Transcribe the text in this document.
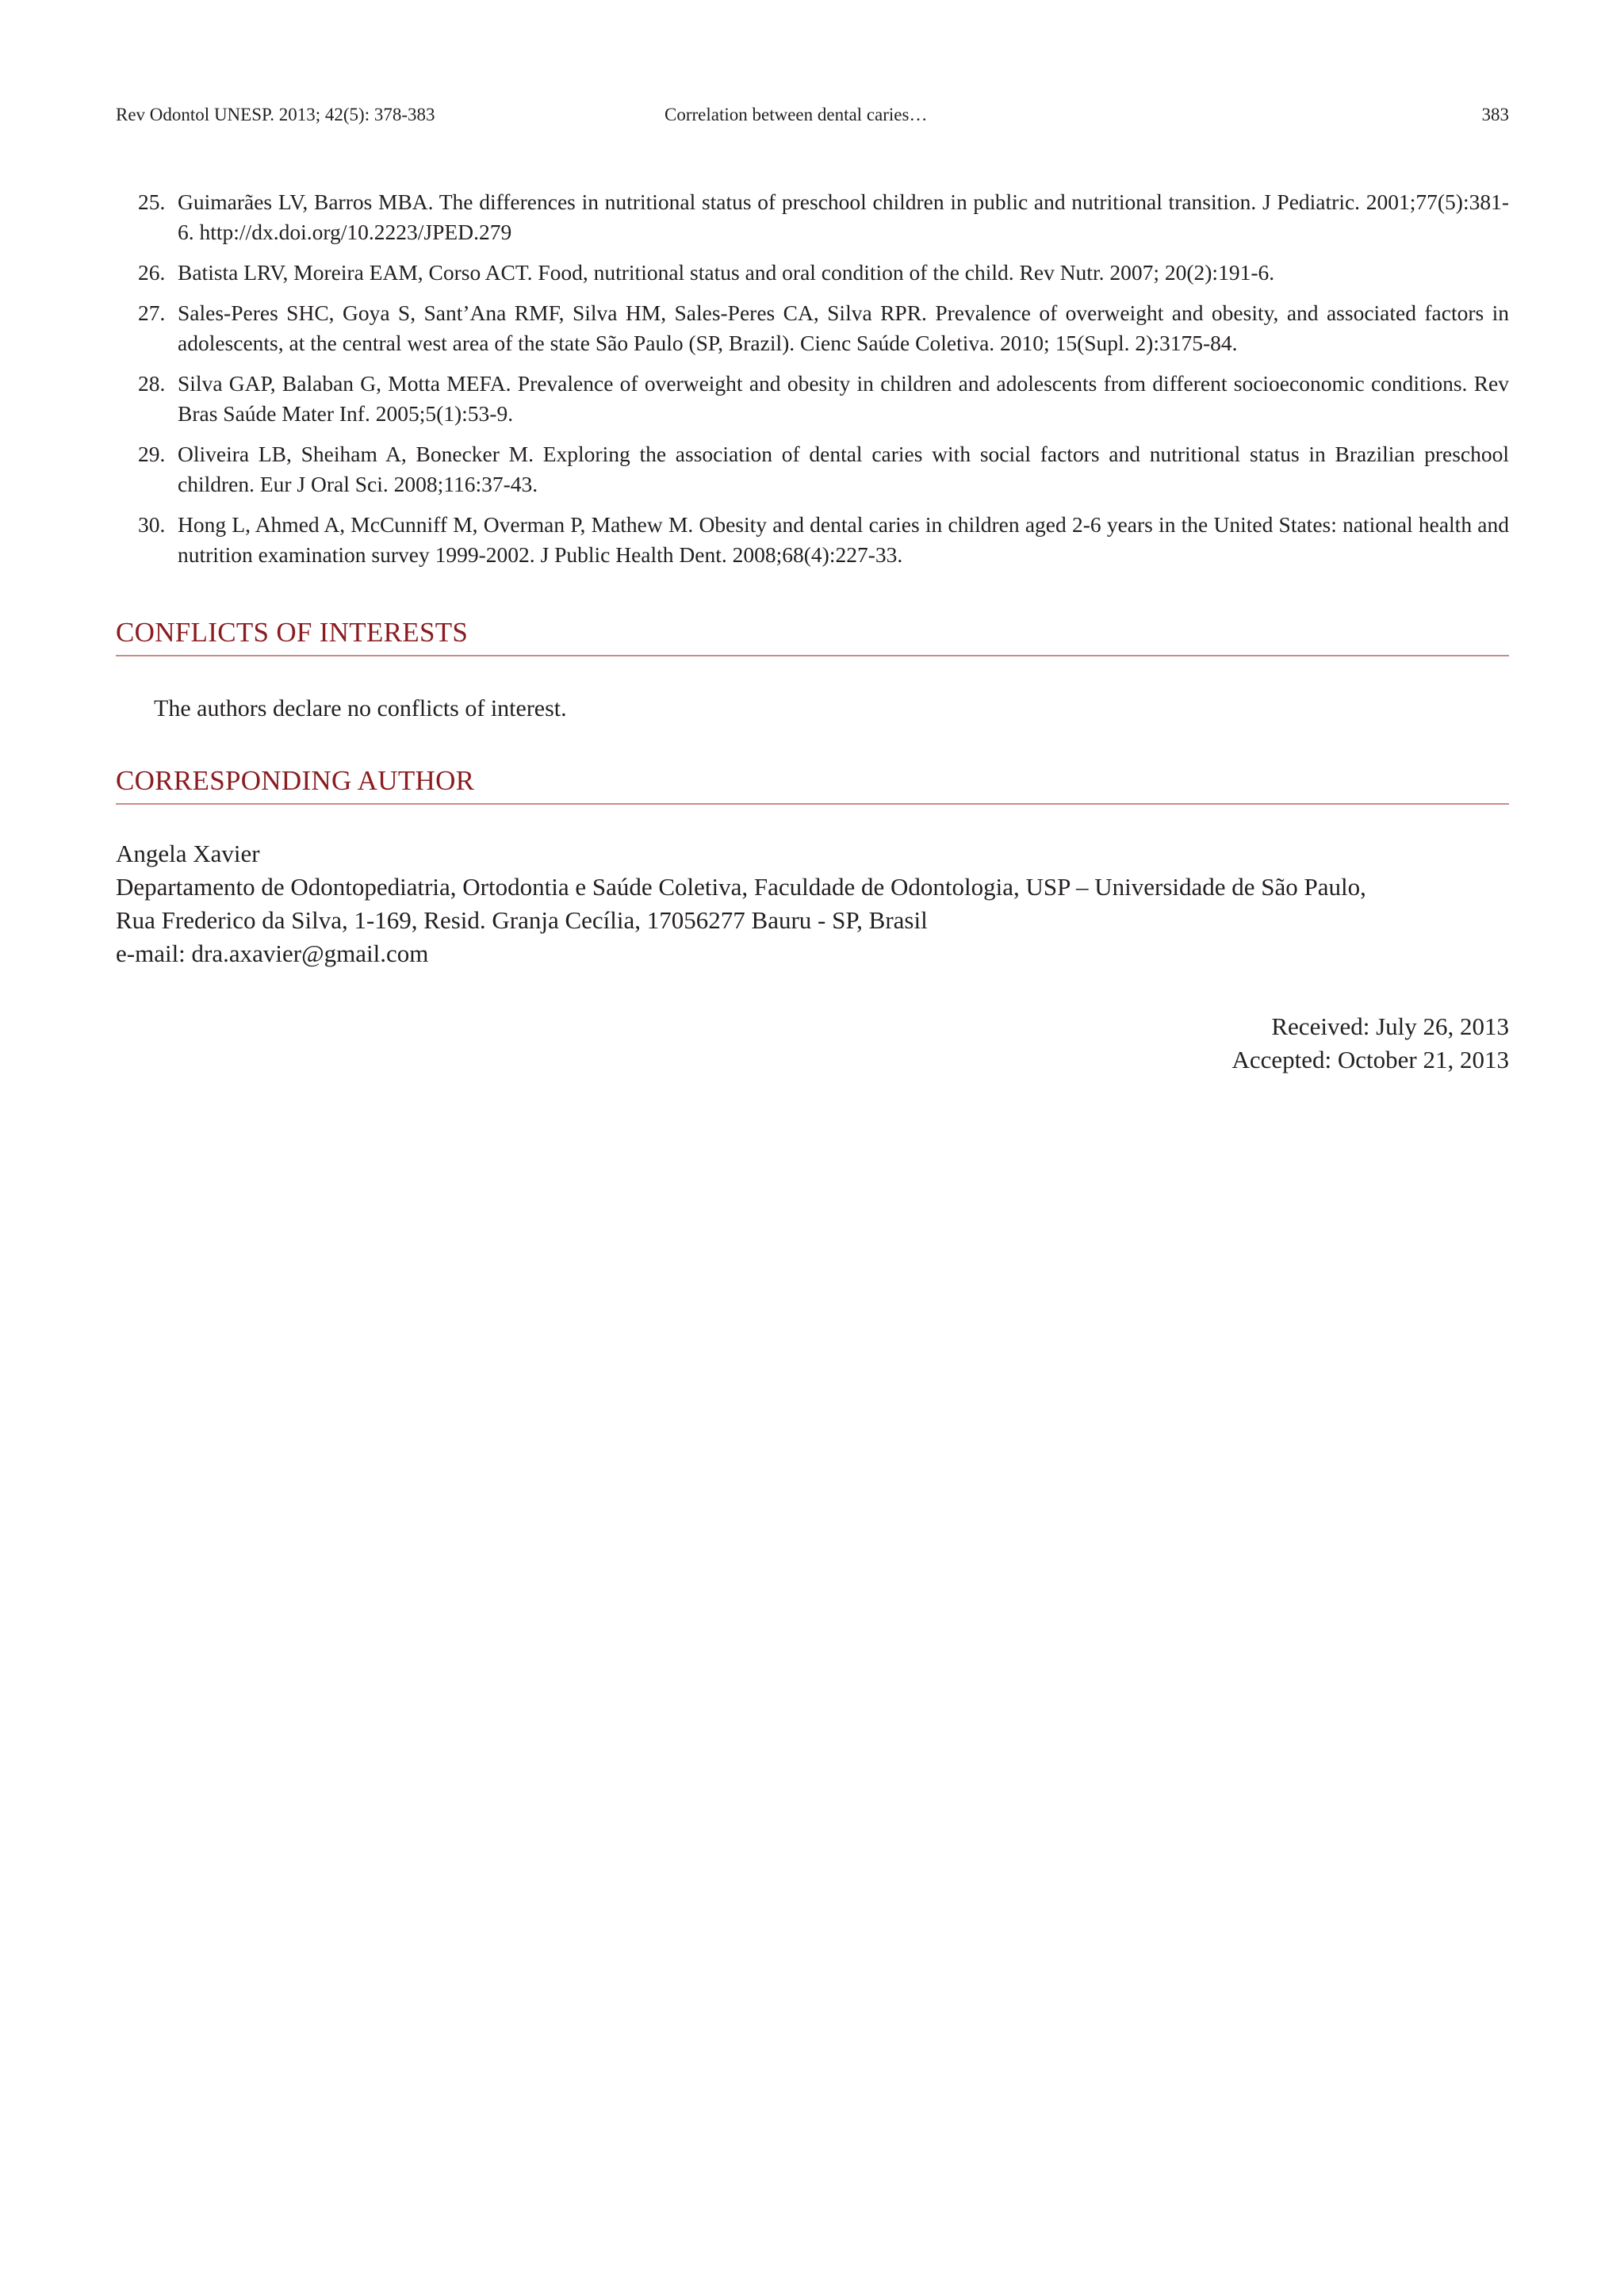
Rev Odontol UNESP. 2013; 42(5): 378-383	Correlation between dental caries…	383
25. Guimarães LV, Barros MBA. The differences in nutritional status of preschool children in public and nutritional transition. J Pediatric. 2001;77(5):381-6. http://dx.doi.org/10.2223/JPED.279
26. Batista LRV, Moreira EAM, Corso ACT. Food, nutritional status and oral condition of the child. Rev Nutr. 2007; 20(2):191-6.
27. Sales-Peres SHC, Goya S, Sant’Ana RMF, Silva HM, Sales-Peres CA, Silva RPR. Prevalence of overweight and obesity, and associated factors in adolescents, at the central west area of the state São Paulo (SP, Brazil). Cienc Saúde Coletiva. 2010; 15(Supl. 2):3175-84.
28. Silva GAP, Balaban G, Motta MEFA. Prevalence of overweight and obesity in children and adolescents from different socioeconomic conditions. Rev Bras Saúde Mater Inf. 2005;5(1):53-9.
29. Oliveira LB, Sheiham A, Bonecker M. Exploring the association of dental caries with social factors and nutritional status in Brazilian preschool children. Eur J Oral Sci. 2008;116:37-43.
30. Hong L, Ahmed A, McCunniff M, Overman P, Mathew M. Obesity and dental caries in children aged 2-6 years in the United States: national health and nutrition examination survey 1999-2002. J Public Health Dent. 2008;68(4):227-33.
CONFLICTS OF INTERESTS
The authors declare no conflicts of interest.
CORRESPONDING AUTHOR
Angela Xavier
Departamento de Odontopediatria, Ortodontia e Saúde Coletiva, Faculdade de Odontologia, USP – Universidade de São Paulo,
Rua Frederico da Silva, 1-169, Resid. Granja Cecília, 17056277 Bauru - SP, Brasil
e-mail: dra.axavier@gmail.com
Received: July 26, 2013
Accepted: October 21, 2013
